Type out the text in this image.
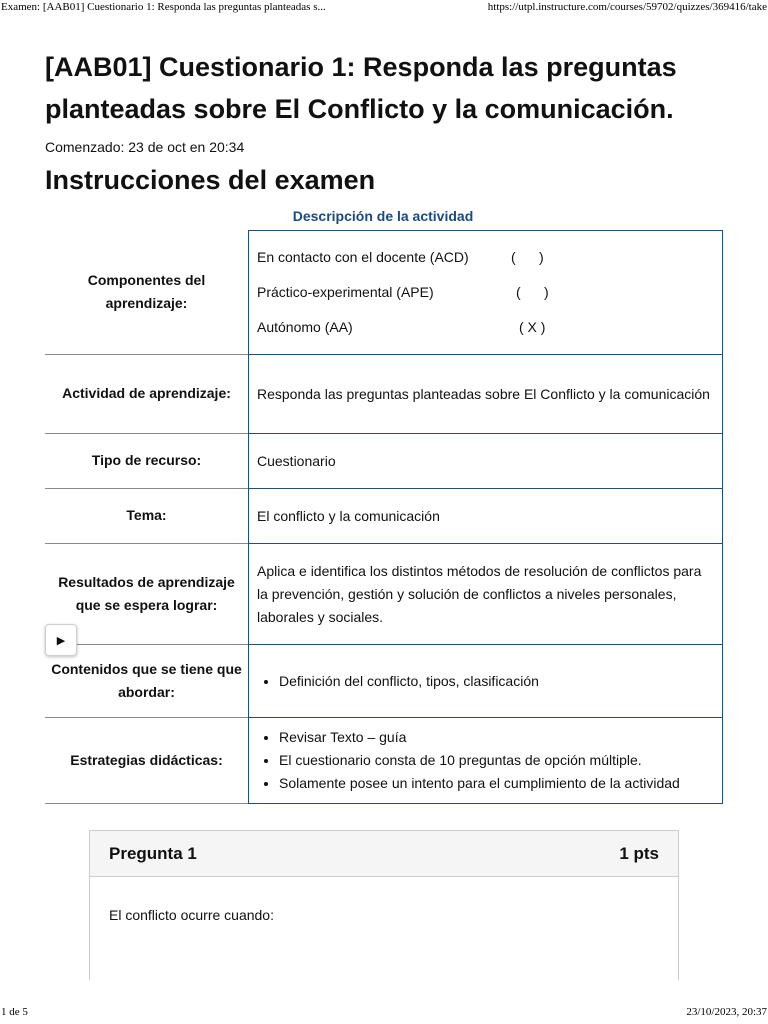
Examen: [AAB01] Cuestionario 1: Responda las preguntas planteadas s...	https://utpl.instructure.com/courses/59702/quizzes/369416/take
[AAB01] Cuestionario 1: Responda las preguntas planteadas sobre El Conflicto y la comunicación.
Comenzado: 23 de oct en 20:34
Instrucciones del examen
Descripción de la actividad
Componentes del aprendizaje:
En contacto con el docente (ACD)	(      )
Práctico-experimental (APE)	(      )
Autónomo (AA)	( X )
Actividad de aprendizaje:	Responda las preguntas planteadas sobre El Conflicto y la comunicación
Tipo de recurso:	Cuestionario
Tema:	El conflicto y la comunicación
Resultados de aprendizaje que se espera lograr:
Aplica e identifica los distintos métodos de resolución de conflictos para la prevención, gestión y solución de conflictos a niveles personales, laborales y sociales.
Contenidos que se tiene que abordar:
• Definición del conflicto, tipos, clasificación
Estrategias didácticas:
• Revisar Texto – guía
• El cuestionario consta de 10 preguntas de opción múltiple.
• Solamente posee un intento para el cumplimiento de la actividad
▶
Pregunta 1	1 pts
El conflicto ocurre cuando:
1 de 5	23/10/2023, 20:37
